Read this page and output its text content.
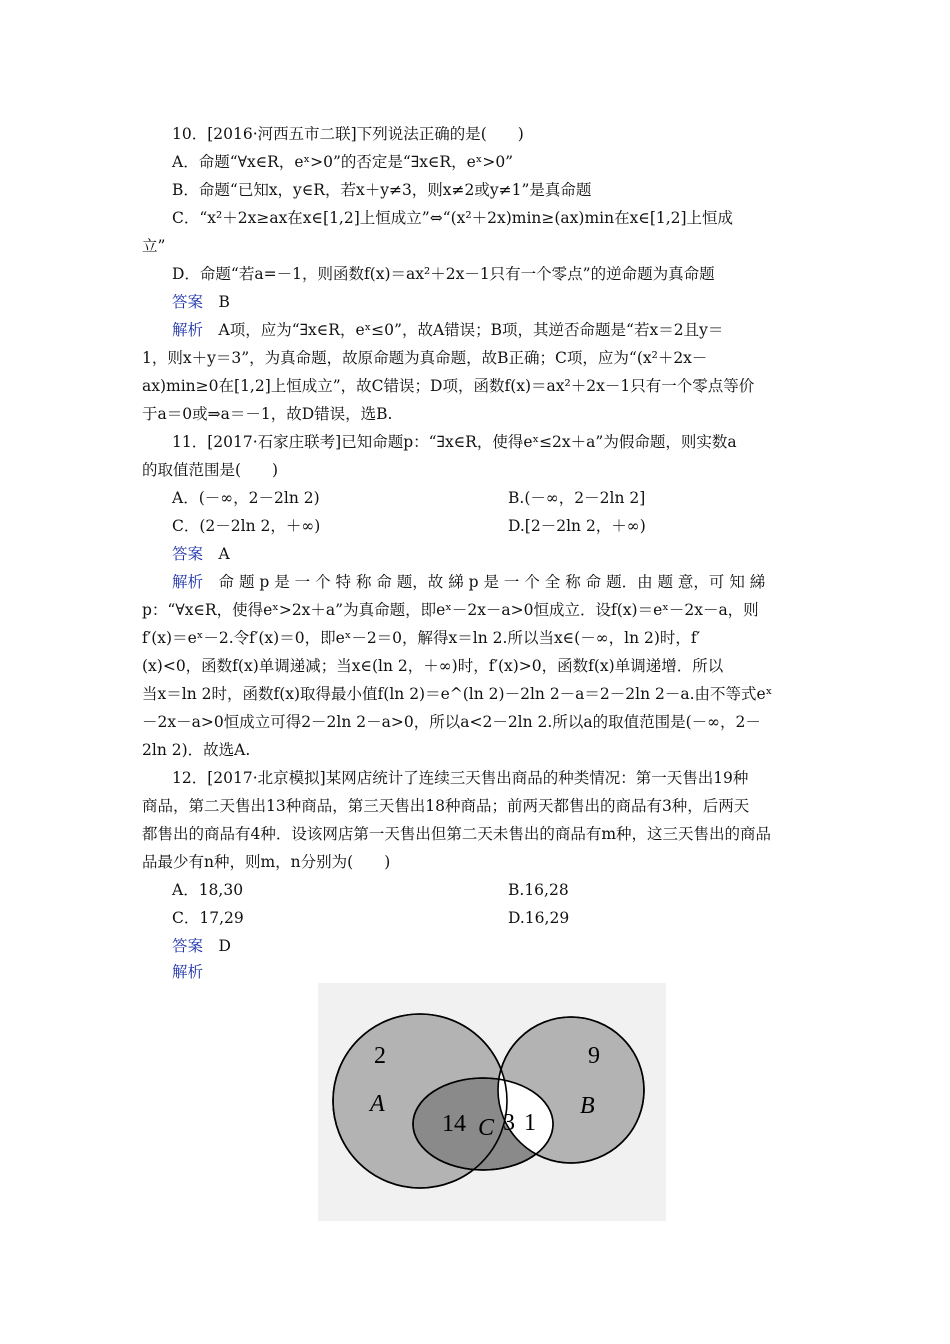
10．[2016·河西五市二联]下列说法正确的是(　　)
A．命题“∀x∈R，eˣ>0”的否定是“∃x∈R，eˣ>0”
B．命题“已知x，y∈R，若x＋y≠3，则x≠2或y≠1”是真命题
C．“x²＋2x≥ax在x∈[1,2]上恒成立”⇔“(x²＋2x)min≥(ax)min在x∈[1,2]上恒成
立”
D．命题“若a=－1，则函数f(x)＝ax²＋2x－1只有一个零点”的逆命题为真命题
答案　 B
解析　 A项，应为“∃x∈R，eˣ≤0”，故A错误；B项，其逆否命题是“若x＝2且y＝
1，则x＋y＝3”，为真命题，故原命题为真命题，故B正确；C项，应为“(x²＋2x－
ax)min≥0在[1,2]上恒成立”，故C错误；D项，函数f(x)＝ax²＋2x－1只有一个零点等价
于a＝0或⇒a＝－1，故D错误，选B.
11．[2017·石家庄联考]已知命题p：“∃x∈R，使得eˣ≤2x＋a”为假命题，则实数a
的取值范围是(　　)
A．(－∞，2－2ln 2)	B.(－∞，2－2ln 2]
C．(2－2ln 2，＋∞)	D.[2－2ln 2，＋∞)
答案　 A
解析　 命 题 p 是 一 个 特 称 命 题，故 綈 p 是 一 个 全 称 命 题．由 题 意，可 知 綈
p：“∀x∈R，使得eˣ>2x＋a”为真命题，即eˣ－2x－a>0恒成立．设f(x)＝eˣ－2x－a，则
f′(x)＝eˣ－2.令f′(x)＝0，即eˣ－2＝0，解得x＝ln 2.所以当x∈(－∞，ln 2)时，f′
(x)<0，函数f(x)单调递减；当x∈(ln 2，＋∞)时，f′(x)>0，函数f(x)单调递增．所以
当x＝ln 2时，函数f(x)取得最小值f(ln 2)＝e^(ln 2)－2ln 2－a＝2－2ln 2－a.由不等式eˣ
－2x－a>0恒成立可得2－2ln 2－a>0，所以a<2－2ln 2.所以a的取值范围是(－∞，2－
2ln 2)．故选A.
12．[2017·北京模拟]某网店统计了连续三天售出商品的种类情况：第一天售出19种
商品，第二天售出13种商品，第三天售出18种商品；前两天都售出的商品有3种，后两天
都售出的商品有4种．设该网店第一天售出但第二天未售出的商品有m种，这三天售出的商品
品最少有n种，则m，n分别为(　　)
A．18,30	B.16,28
C．17,29	D.16,29
答案　 D
解析
2
A
14 C 3 1
9
B
